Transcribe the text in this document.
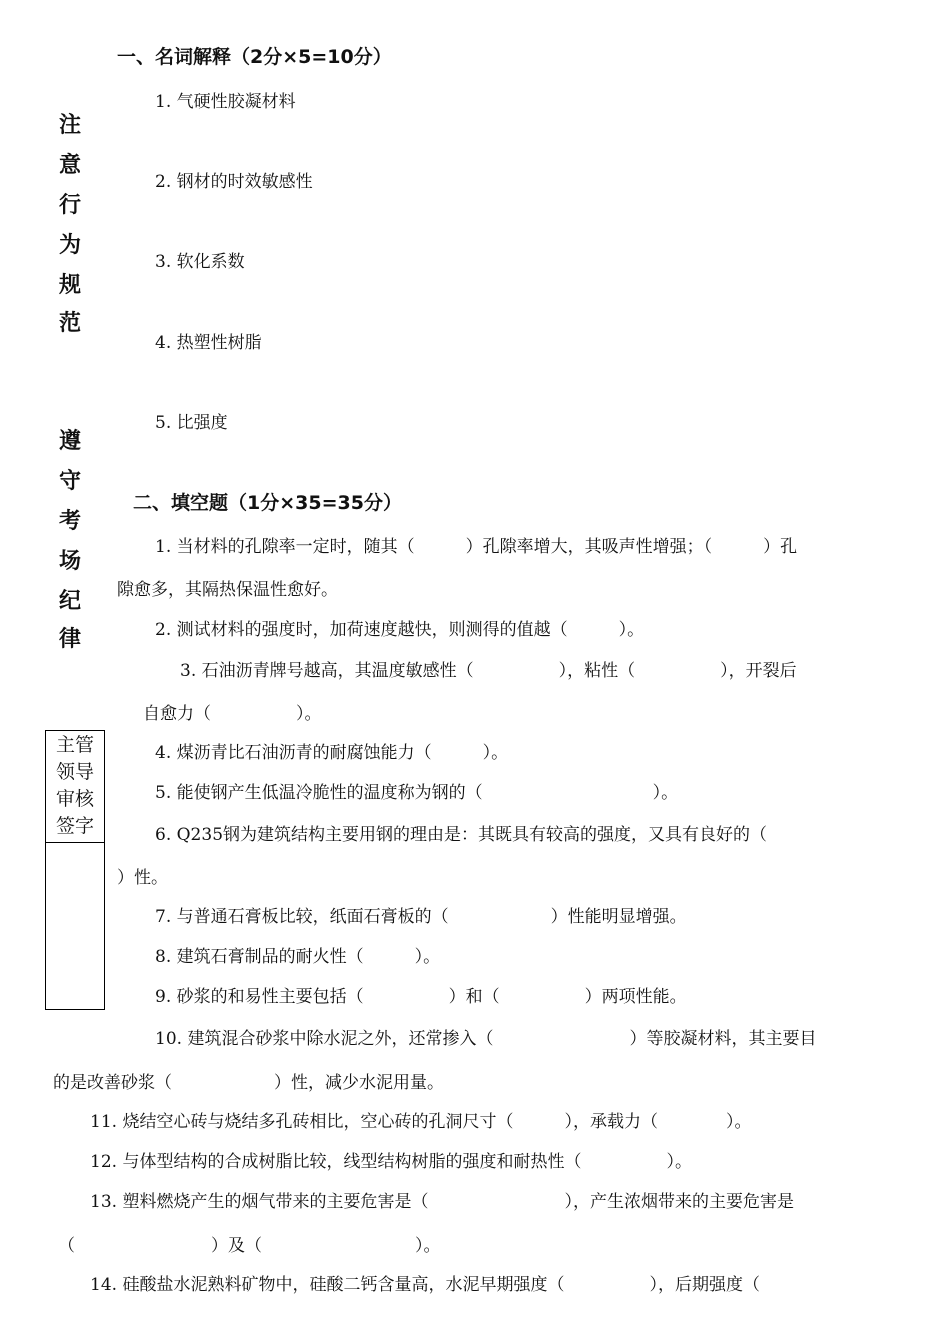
注
意
行
为
规
范
遵
守
考
场
纪
律
主管
领导
审核
签字
一、名词解释（2分×5=10分）
1. 气硬性胶凝材料
2. 钢材的时效敏感性
3. 软化系数
4. 热塑性树脂
5. 比强度
二、填空题（1分×35=35分）
1. 当材料的孔隙率一定时，随其（　　　）孔隙率增大，其吸声性增强；（　　　）孔
隙愈多，其隔热保温性愈好。
2. 测试材料的强度时，加荷速度越快，则测得的值越（　　　）。
3. 石油沥青牌号越高，其温度敏感性（　　　　　），粘性（　　　　　），开裂后
自愈力（　　　　　）。
4. 煤沥青比石油沥青的耐腐蚀能力（　　　）。
5. 能使钢产生低温冷脆性的温度称为钢的（　　　　　　　　　　）。
6. Q235钢为建筑结构主要用钢的理由是：其既具有较高的强度，又具有良好的（
）性。
7. 与普通石膏板比较，纸面石膏板的（　　　　　　）性能明显增强。
8. 建筑石膏制品的耐火性（　　　）。
9. 砂浆的和易性主要包括（　　　　　）和（　　　　　）两项性能。
10. 建筑混合砂浆中除水泥之外，还常掺入（　　　　　　　　）等胶凝材料，其主要目
的是改善砂浆（　　　　　　）性，减少水泥用量。
11. 烧结空心砖与烧结多孔砖相比，空心砖的孔洞尺寸（　　　），承载力（　　　　）。
12. 与体型结构的合成树脂比较，线型结构树脂的强度和耐热性（　　　　　）。
13. 塑料燃烧产生的烟气带来的主要危害是（　　　　　　　　），产生浓烟带来的主要危害是
（　　　　　　　　）及（　　　　　　　　　）。
14. 硅酸盐水泥熟料矿物中，硅酸二钙含量高，水泥早期强度（　　　　　），后期强度（
